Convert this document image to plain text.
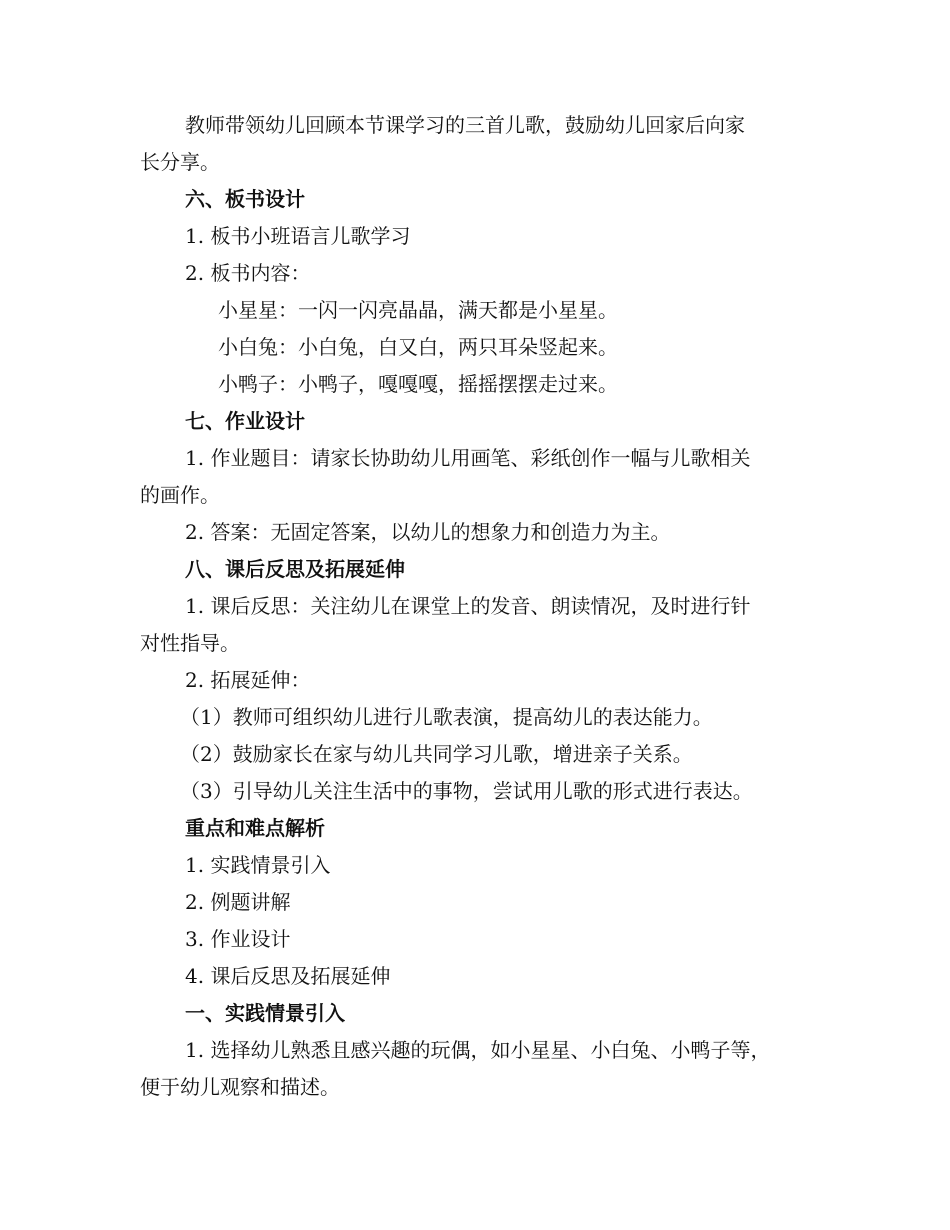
教师带领幼儿回顾本节课学习的三首儿歌，鼓励幼儿回家后向家
长分享。
六、板书设计
1. 板书小班语言儿歌学习
2. 板书内容：
小星星：一闪一闪亮晶晶，满天都是小星星。
小白兔：小白兔，白又白，两只耳朵竖起来。
小鸭子：小鸭子，嘎嘎嘎，摇摇摆摆走过来。
七、作业设计
1. 作业题目：请家长协助幼儿用画笔、彩纸创作一幅与儿歌相关
的画作。
2. 答案：无固定答案，以幼儿的想象力和创造力为主。
八、课后反思及拓展延伸
1. 课后反思：关注幼儿在课堂上的发音、朗读情况，及时进行针
对性指导。
2. 拓展延伸：
（1）教师可组织幼儿进行儿歌表演，提高幼儿的表达能力。
（2）鼓励家长在家与幼儿共同学习儿歌，增进亲子关系。
（3）引导幼儿关注生活中的事物，尝试用儿歌的形式进行表达。
重点和难点解析
1. 实践情景引入
2. 例题讲解
3. 作业设计
4. 课后反思及拓展延伸
一、实践情景引入
1. 选择幼儿熟悉且感兴趣的玩偶，如小星星、小白兔、小鸭子等，
便于幼儿观察和描述。
